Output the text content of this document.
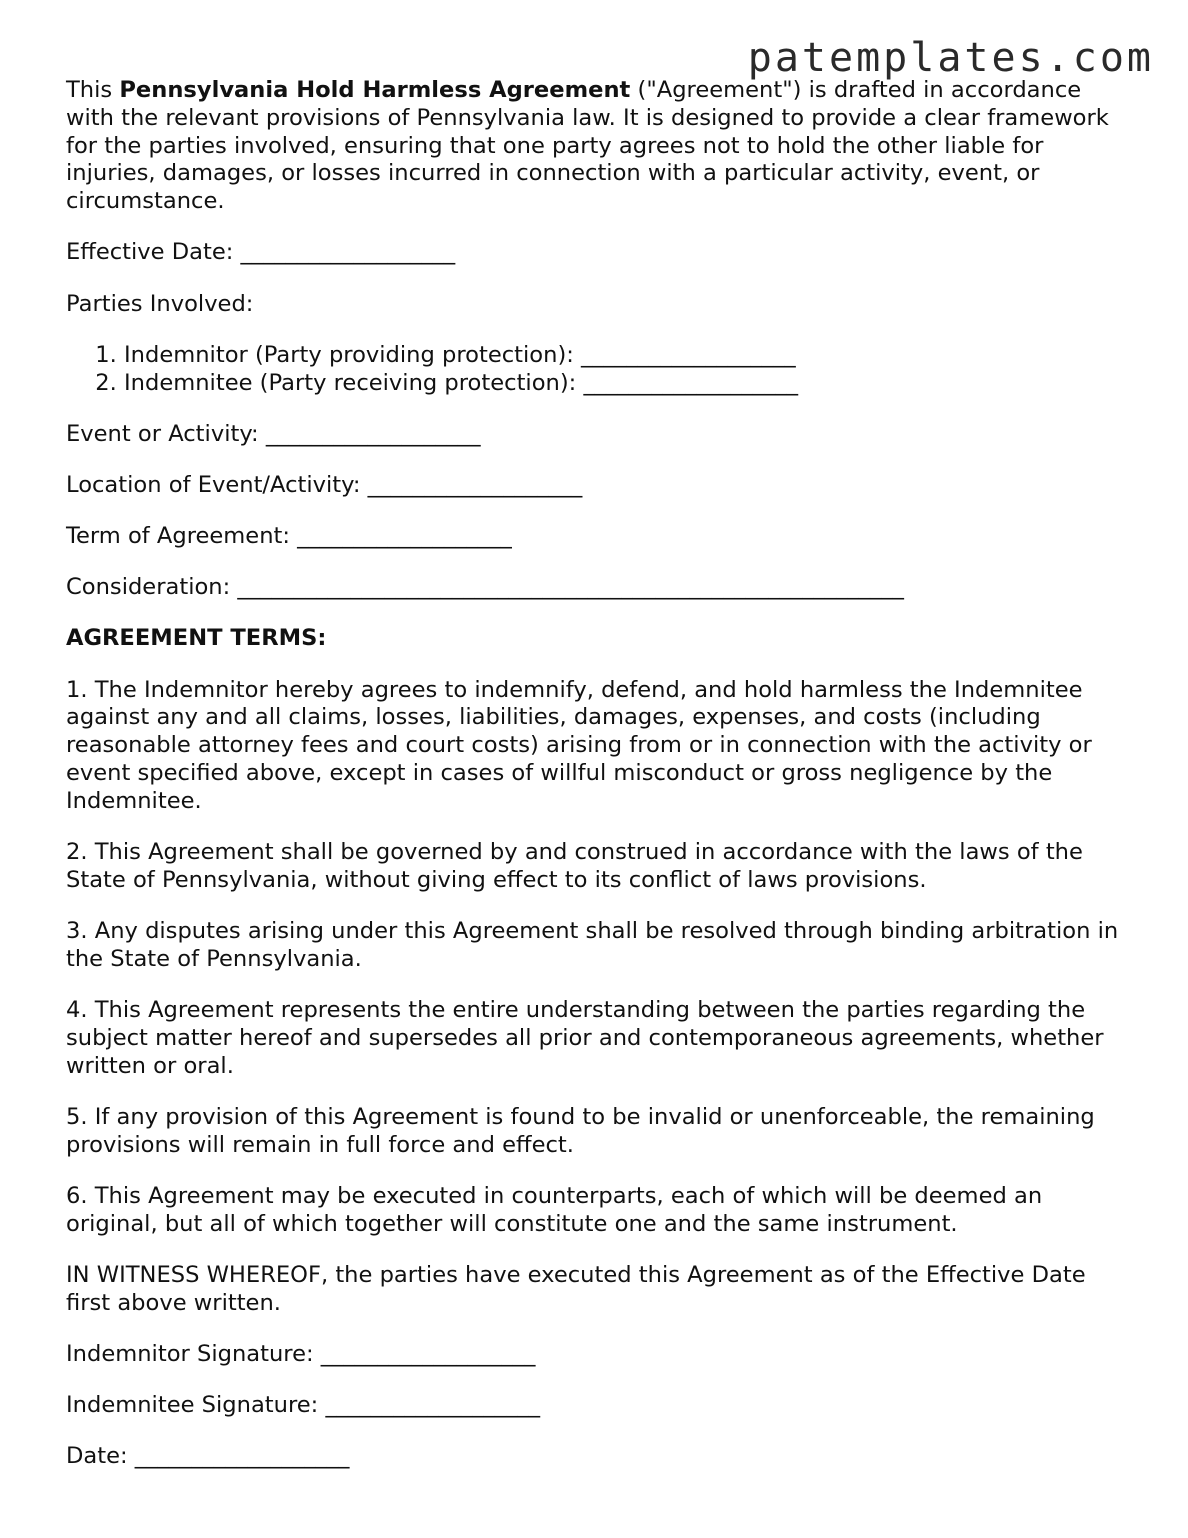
patemplates.com

This Pennsylvania Hold Harmless Agreement ("Agreement") is drafted in accordance with the relevant provisions of Pennsylvania law. It is designed to provide a clear framework for the parties involved, ensuring that one party agrees not to hold the other liable for injuries, damages, or losses incurred in connection with a particular activity, event, or circumstance.

Effective Date: ___________________

Parties Involved:

1. Indemnitor (Party providing protection): ___________________
2. Indemnitee (Party receiving protection): ___________________

Event or Activity: ___________________

Location of Event/Activity: ___________________

Term of Agreement: ___________________

Consideration: ___________________________________________________________

AGREEMENT TERMS:

1. The Indemnitor hereby agrees to indemnify, defend, and hold harmless the Indemnitee against any and all claims, losses, liabilities, damages, expenses, and costs (including reasonable attorney fees and court costs) arising from or in connection with the activity or event specified above, except in cases of willful misconduct or gross negligence by the Indemnitee.

2. This Agreement shall be governed by and construed in accordance with the laws of the State of Pennsylvania, without giving effect to its conflict of laws provisions.

3. Any disputes arising under this Agreement shall be resolved through binding arbitration in the State of Pennsylvania.

4. This Agreement represents the entire understanding between the parties regarding the subject matter hereof and supersedes all prior and contemporaneous agreements, whether written or oral.

5. If any provision of this Agreement is found to be invalid or unenforceable, the remaining provisions will remain in full force and effect.

6. This Agreement may be executed in counterparts, each of which will be deemed an original, but all of which together will constitute one and the same instrument.

IN WITNESS WHEREOF, the parties have executed this Agreement as of the Effective Date first above written.

Indemnitor Signature: ___________________

Indemnitee Signature: ___________________

Date: ___________________
